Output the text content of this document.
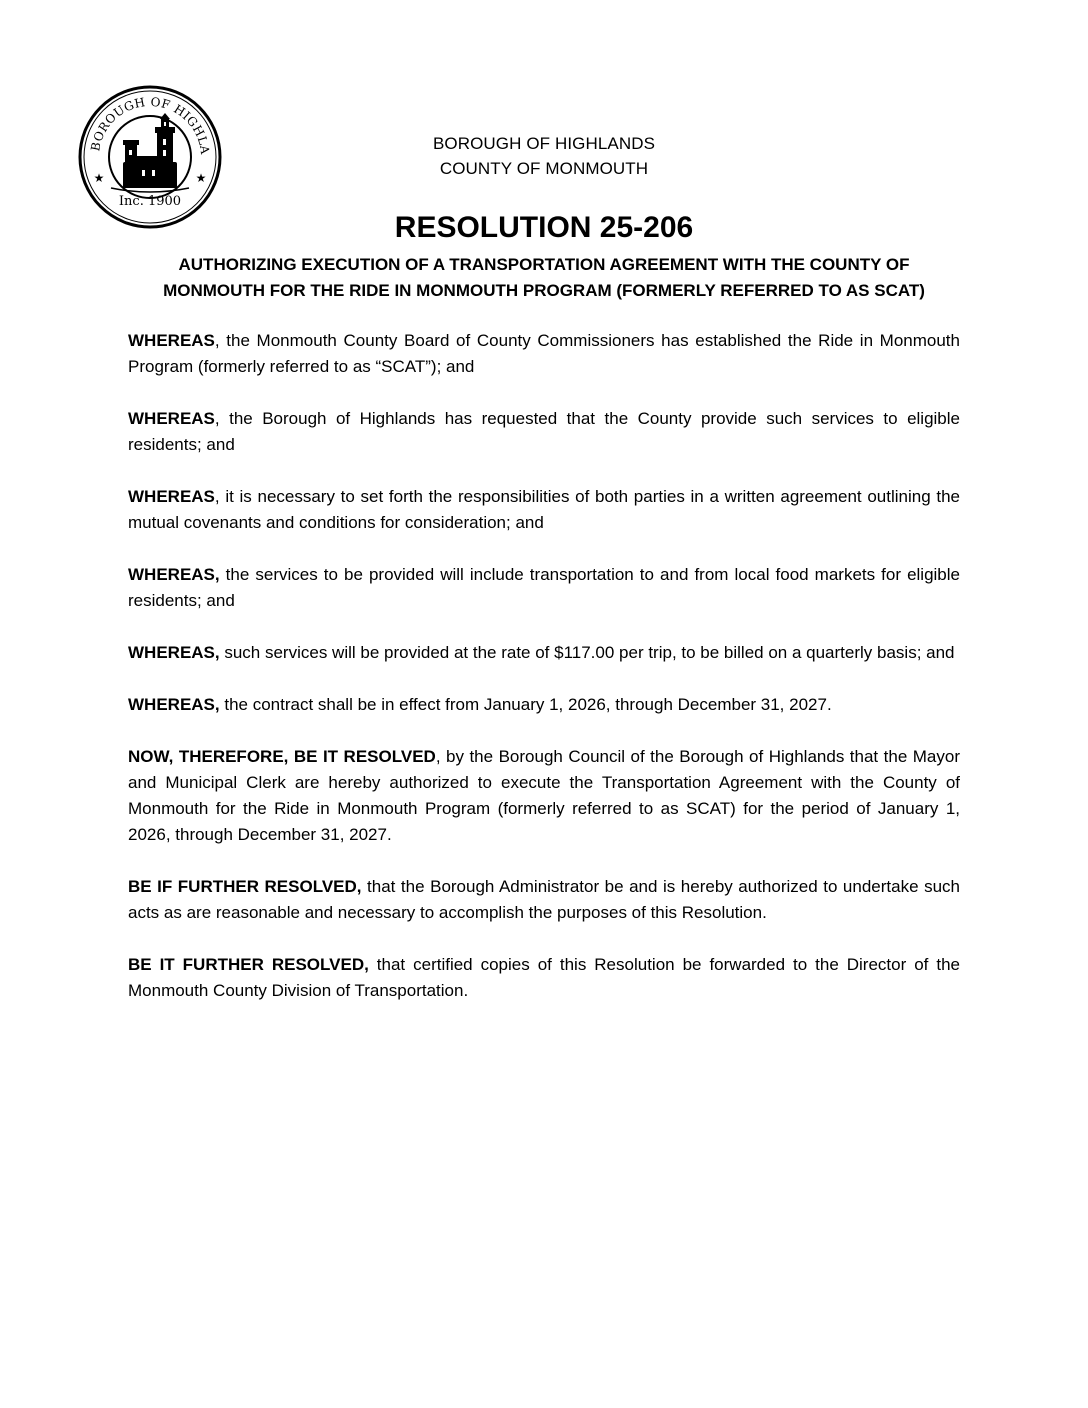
BOROUGH OF HIGHLA
Inc. 1900
★	★
BOROUGH OF HIGHLANDS
COUNTY OF MONMOUTH
RESOLUTION 25-206
AUTHORIZING EXECUTION OF A TRANSPORTATION AGREEMENT WITH THE COUNTY OF
MONMOUTH FOR THE RIDE IN MONMOUTH PROGRAM (FORMERLY REFERRED TO AS SCAT)

WHEREAS, the Monmouth County Board of County Commissioners has established the Ride in Monmouth Program (formerly referred to as “SCAT”); and

WHEREAS, the Borough of Highlands has requested that the County provide such services to eligible residents; and

WHEREAS, it is necessary to set forth the responsibilities of both parties in a written agreement outlining the mutual covenants and conditions for consideration; and

WHEREAS, the services to be provided will include transportation to and from local food markets for eligible residents; and

WHEREAS, such services will be provided at the rate of $117.00 per trip, to be billed on a quarterly basis; and

WHEREAS, the contract shall be in effect from January 1, 2026, through December 31, 2027.

NOW, THEREFORE, BE IT RESOLVED, by the Borough Council of the Borough of Highlands that the Mayor and Municipal Clerk are hereby authorized to execute the Transportation Agreement with the County of Monmouth for the Ride in Monmouth Program (formerly referred to as SCAT) for the period of January 1, 2026, through December 31, 2027.

BE IF FURTHER RESOLVED, that the Borough Administrator be and is hereby authorized to undertake such acts as are reasonable and necessary to accomplish the purposes of this Resolution.

BE IT FURTHER RESOLVED, that certified copies of this Resolution be forwarded to the Director of the Monmouth County Division of Transportation.
